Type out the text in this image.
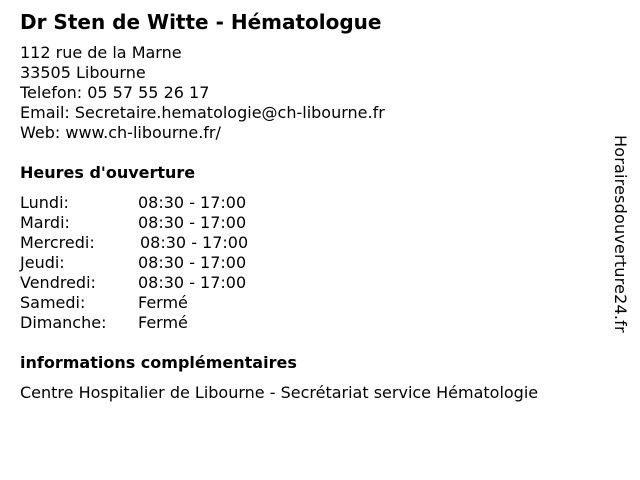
Dr Sten de Witte - Hématologue
112 rue de la Marne
33505 Libourne
Telefon: 05 57 55 26 17
Email: Secretaire.hematologie@ch-libourne.fr
Web: www.ch-libourne.fr/
Heures d'ouverture
Lundi:	08:30 - 17:00
Mardi:	08:30 - 17:00
Mercredi:	08:30 - 17:00
Jeudi:	08:30 - 17:00
Vendredi:	08:30 - 17:00
Samedi:	Fermé
Dimanche: Fermé
informations complémentaires
Centre Hospitalier de Libourne - Secrétariat service Hématologie
Horairesdouverture24.fr
